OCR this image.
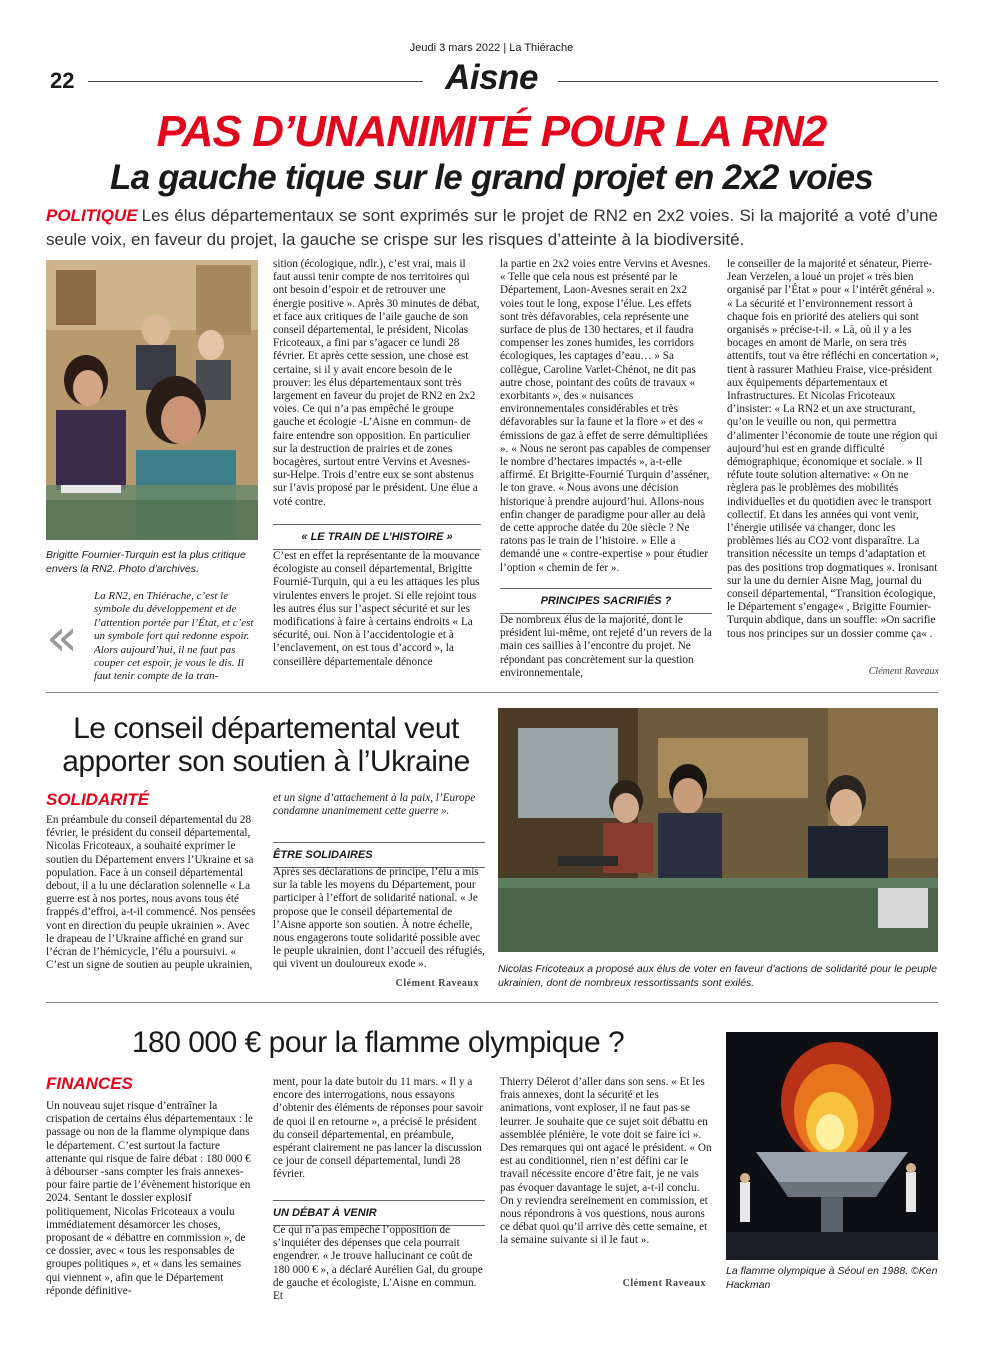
Jeudi 3 mars 2022 | La Thiérache
22	Aisne
PAS D’UNANIMITÉ POUR LA RN2
La gauche tique sur le grand projet en 2x2 voies
POLITIQUE Les élus départementaux se sont exprimés sur le projet de RN2 en 2x2 voies. Si la majorité a voté d’une seule voix, en faveur du projet, la gauche se crispe sur les risques d’atteinte à la biodiversité.
Brigitte Fournier-Turquin est la plus critique envers la RN2. Photo d’archives.
«
La RN2, en Thiérache, c’est le symbole du développement et de l’attention portée par l’État, et c’est un symbole fort qui redonne espoir. Alors aujourd’hui, il ne faut pas couper cet espoir, je vous le dis. Il faut tenir compte de la tran-
sition (écologique, ndlr.), c’est vrai, mais il faut aussi tenir compte de nos territoires qui ont besoin d’espoir et de retrouver une énergie positive ». Après 30 minutes de débat, et face aux critiques de l’aile gauche de son conseil départemental, le président, Nicolas Fricoteaux, a fini par s’agacer ce lundi 28 février. Et après cette session, une chose est certaine, si il y avait encore besoin de le prouver: les élus départementaux sont très largement en faveur du projet de RN2 en 2x2 voies. Ce qui n’a pas empêché le groupe gauche et écologie -L’Aisne en commun- de faire entendre son opposition. En particulier sur la destruction de prairies et de zones bocagères, surtout entre Vervins et Avesnes-sur-Helpe. Trois d’entre eux se sont abstenus sur l’avis proposé par le président. Une élue a voté contre.
« LE TRAIN DE L’HISTOIRE »
C’est en effet la représentante de la mouvance écologiste au conseil départemental, Brigitte Fournié-Turquin, qui a eu les attaques les plus virulentes envers le projet. Si elle rejoint tous les autres élus sur l’aspect sécurité et sur les modifications à faire à certains endroits « La sécurité, oui. Non à l’accidentologie et à l’enclavement, on est tous d’accord », la conseillère départementale dénonce
la partie en 2x2 voies entre Vervins et Avesnes. « Telle que cela nous est présenté par le Département, Laon-Avesnes serait en 2x2 voies tout le long, expose l’élue. Les effets sont très défavorables, cela représente une surface de plus de 130 hectares, et il faudra compenser les zones humides, les corridors écologiques, les captages d’eau… » Sa collègue, Caroline Varlet-Chénot, ne dit pas autre chose, pointant des coûts de travaux « exorbitants », des « nuisances environnementales considérables et très défavorables sur la faune et la flore » et des « émissions de gaz à effet de serre démultipliées ». « Nous ne seront pas capables de compenser le nombre d’hectares impactés », a-t-elle affirmé. Et Brigitte-Fournié Turquin d’asséner, le ton grave. « Nous avons une décision historique à prendre aujourd’hui. Allons-nous enfin changer de paradigme pour aller au delà de cette approche datée du 20e siècle ? Ne ratons pas le train de l’histoire. » Elle a demandé une « contre-expertise » pour étudier l’option « chemin de fer ».
PRINCIPES SACRIFIÉS ?
De nombreux élus de la majorité, dont le président lui-même, ont rejeté d’un revers de la main ces saillies à l’encontre du projet. Ne répondant pas concrètement sur la question environnementale,
le conseiller de la majorité et sénateur, Pierre-Jean Verzelen, a loué un projet « très bien organisé par l’État » pour « l’intérêt général ». « La sécurité et l’environnement ressort à chaque fois en priorité des ateliers qui sont organisés » précise-t-il. « Là, où il y a les bocages en amont de Marle, on sera très attentifs, tout va être réfléchi en concertation », tient à rassurer Mathieu Fraise, vice-président aux équipements départementaux et Infrastructures. Et Nicolas Fricoteaux d’insister: « La RN2 et un axe structurant, qu’on le veuille ou non, qui permettra d’alimenter l’économie de toute une région qui aujourd’hui est en grande difficulté démographique, économique et sociale. » Il réfute toute solution alternative: « On ne règlera pas le problèmes des mobilités individuelles et du quotidien avec le transport collectif. Et dans les années qui vont venir, l’énergie utilisée va changer, donc les problèmes liés au CO2 vont disparaître. La transition nécessite un temps d’adaptation et pas des positions trop dogmatiques ». Ironisant sur la une du dernier Aisne Mag, journal du conseil départemental, “Transition écologique, le Département s’engage« , Brigitte Fournier-Turquin abdique, dans un souffle: »On sacrifie tous nos principes sur un dossier comme ça« .
Clément Raveaux
Le conseil départemental veut apporter son soutien à l’Ukraine
SOLIDARITÉ
En préambule du conseil départemental du 28 février, le président du conseil départemental, Nicolas Fricoteaux, a souhaité exprimer le soutien du Département envers l’Ukraine et sa population. Face à un conseil départemental debout, il a lu une déclaration solennelle « La guerre est à nos portes, nous avons tous été frappés d’effroi, a-t-il commencé. Nos pensées vont en direction du peuple ukrainien ». Avec le drapeau de l’Ukraine affiché en grand sur l’écran de l’hémicycle, l’élu a poursuivi. « C’est un signe de soutien au peuple ukrainien,
et un signe d’attachement à la paix, l’Europe condamne unanimement cette guerre ».
ÊTRE SOLIDAIRES
Après ses déclarations de principe, l’élu a mis sur la table les moyens du Département, pour participer à l’effort de solidarité national. « Je propose que le conseil départemental de l’Aisne apporte son soutien. À notre échelle, nous engagerons toute solidarité possible avec le peuple ukrainien, dont l’accueil des réfugiés, qui vivent un douloureux exode ».
Clément Raveaux
Nicolas Fricoteaux a proposé aux élus de voter en faveur d’actions de solidarité pour le peuple ukrainien, dont de nombreux ressortissants sont exilés.
180 000 € pour la flamme olympique ?
FINANCES
Un nouveau sujet risque d’entraîner la crispation de certains élus départementaux : le passage ou non de la flamme olympique dans le département. C’est surtout la facture attenante qui risque de faire débat : 180 000 € à débourser -sans compter les frais annexes- pour faire partie de l’évènement historique en 2024. Sentant le dossier explosif politiquement, Nicolas Fricoteaux a voulu immédiatement désamorcer les choses, proposant de « débattre en commission », de ce dossier, avec « tous les responsables de groupes politiques », et « dans les semaines qui viennent », afin que le Département réponde définitive-
ment, pour la date butoir du 11 mars. « Il y a encore des interrogations, nous essayons d’obtenir des éléments de réponses pour savoir de quoi il en retourne », a précisé le président du conseil départemental, en préambule, espérant clairement ne pas lancer la discussion ce jour de conseil départemental, lundi 28 février.
UN DÉBAT À VENIR
Ce qui n’a pas empêché l’opposition de s’inquiéter des dépenses que cela pourrait engendrer. « Je trouve hallucinant ce coût de 180 000 € », a déclaré Aurélien Gal, du groupe de gauche et écologiste, L’Aisne en commun. Et
Thierry Délerot d’aller dans son sens. « Et les frais annexes, dont la sécurité et les animations, vont exploser, il ne faut pas se leurrer. Je souhaite que ce sujet soit débattu en assemblée plénière, le vote doit se faire ici ». Des remarques qui ont agacé le président. « On est au conditionnel, rien n’est défini car le travail nécessite encore d’être fait, je ne vais pas évoquer davantage le sujet, a-t-il conclu. On y reviendra sereinement en commission, et nous répondrons à vos questions, nous aurons ce débat quoi qu’il arrive dès cette semaine, et la semaine suivante si il le faut ».
Clément Raveaux
La flamme olympique à Séoul en 1988. ©Ken Hackman
